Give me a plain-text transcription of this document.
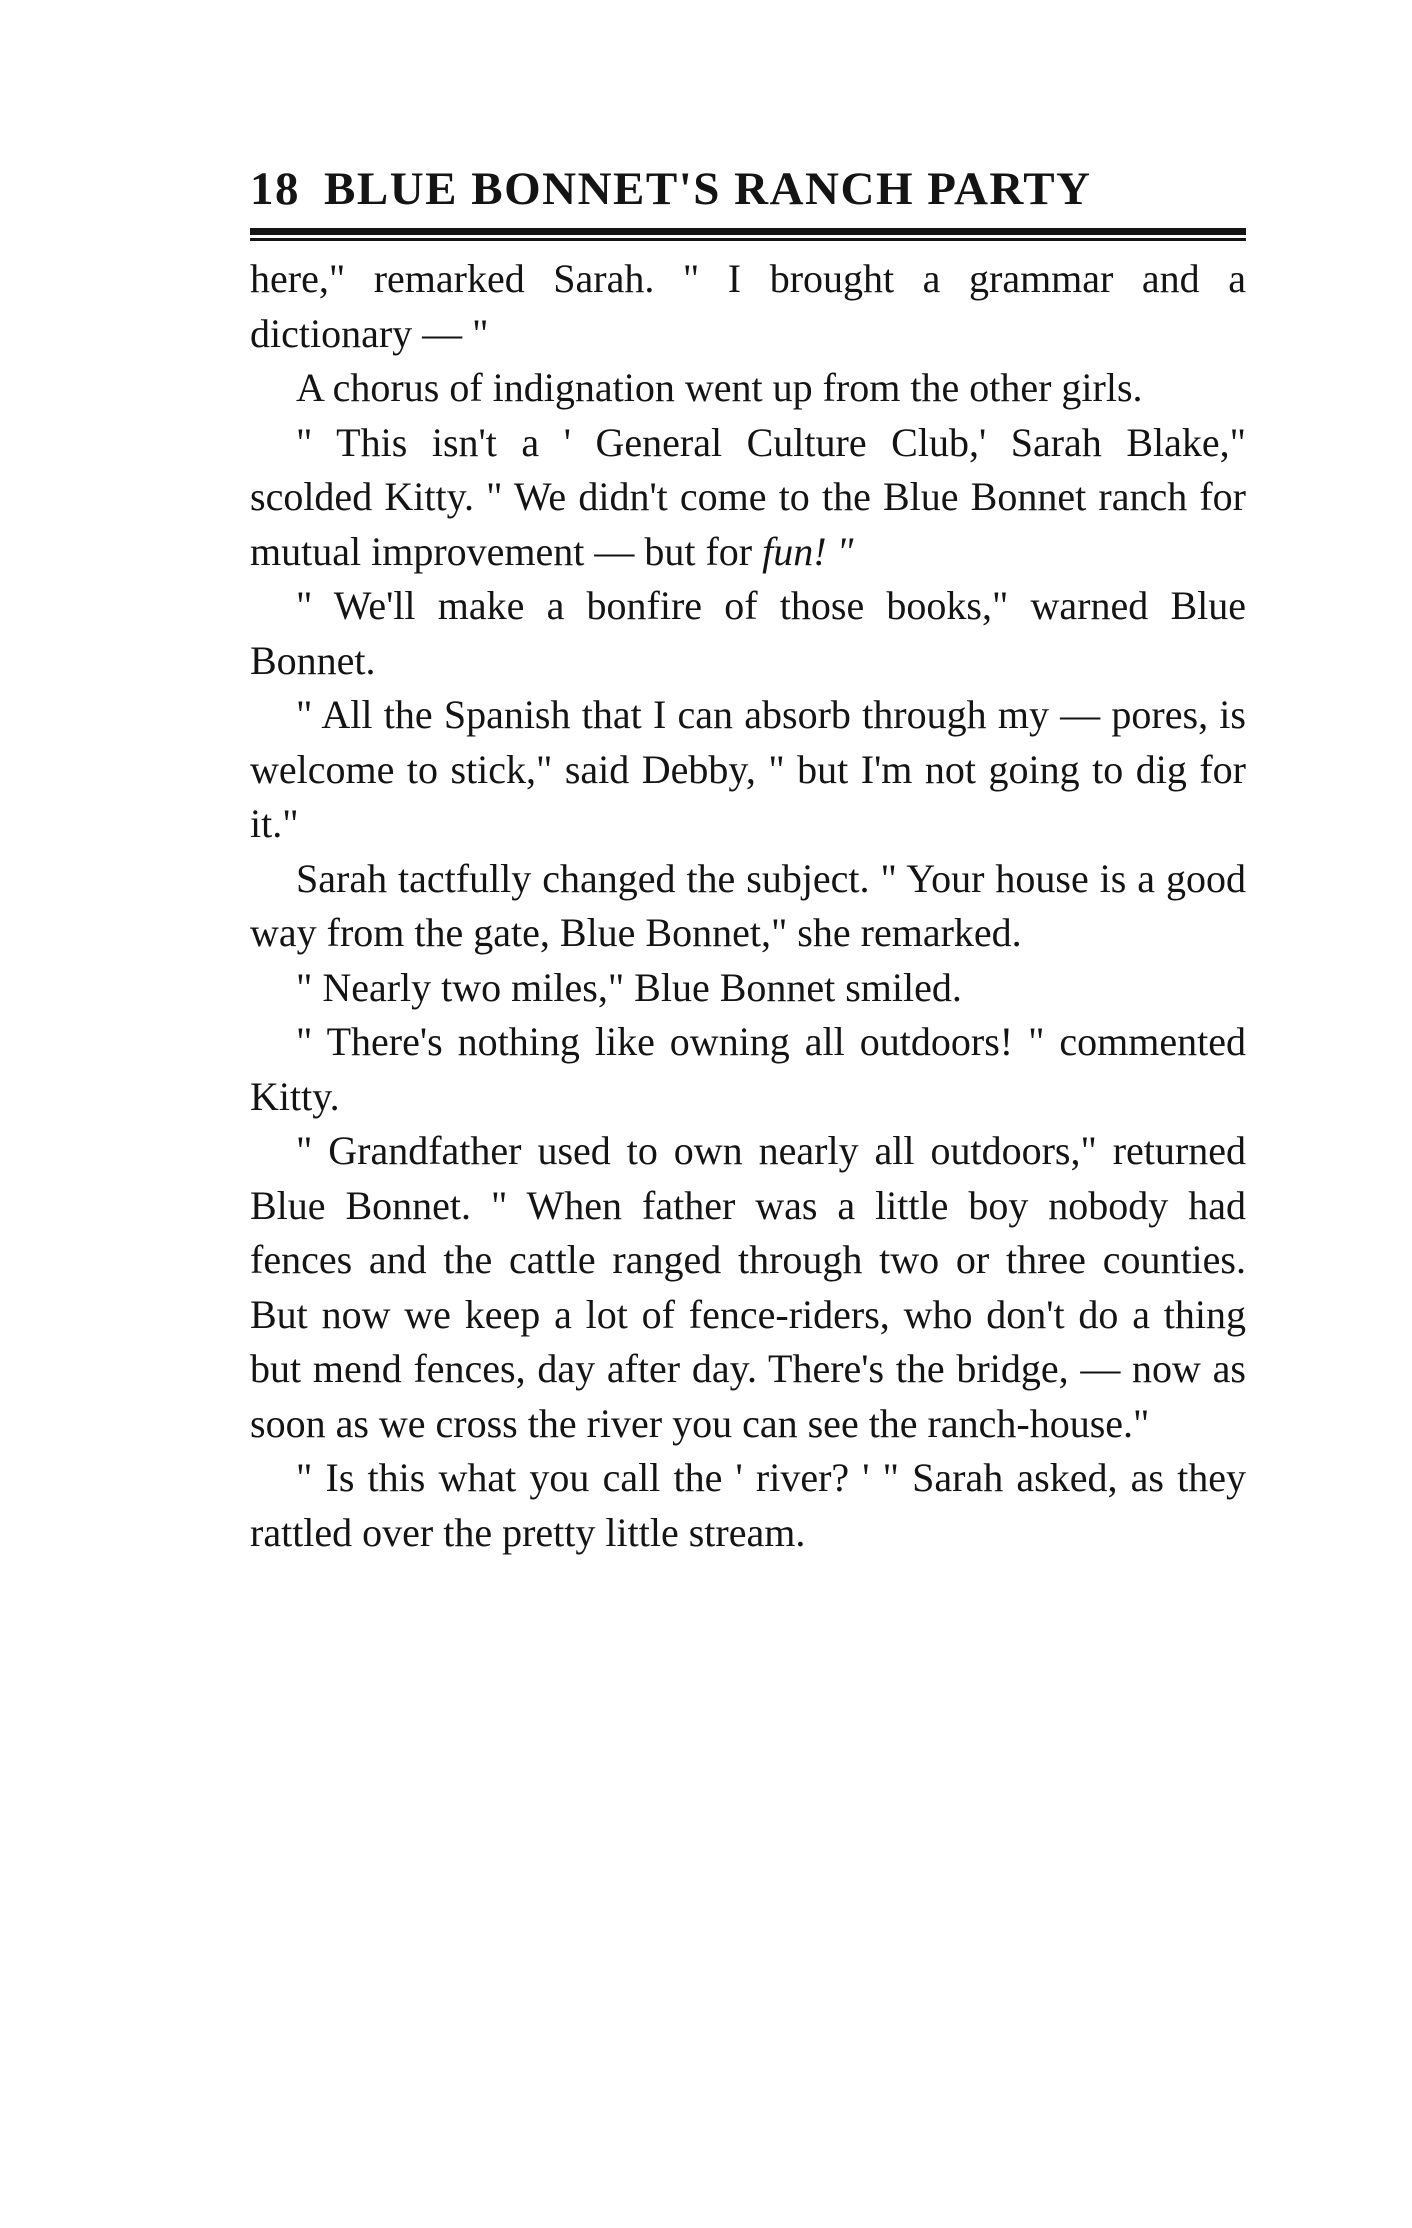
18 BLUE BONNET'S RANCH PARTY

here," remarked Sarah. " I brought a grammar and a dictionary — "

A chorus of indignation went up from the other girls.

" This isn't a ' General Culture Club,' Sarah Blake," scolded Kitty. " We didn't come to the Blue Bonnet ranch for mutual improvement — but for fun! "

" We'll make a bonfire of those books," warned Blue Bonnet.

" All the Spanish that I can absorb through my — pores, is welcome to stick," said Debby, " but I'm not going to dig for it."

Sarah tactfully changed the subject. " Your house is a good way from the gate, Blue Bonnet," she remarked.

" Nearly two miles," Blue Bonnet smiled.

" There's nothing like owning all outdoors! " commented Kitty.

" Grandfather used to own nearly all outdoors," returned Blue Bonnet. " When father was a little boy nobody had fences and the cattle ranged through two or three counties. But now we keep a lot of fence-riders, who don't do a thing but mend fences, day after day. There's the bridge, — now as soon as we cross the river you can see the ranch-house."

" Is this what you call the ' river? ' " Sarah asked, as they rattled over the pretty little stream.
